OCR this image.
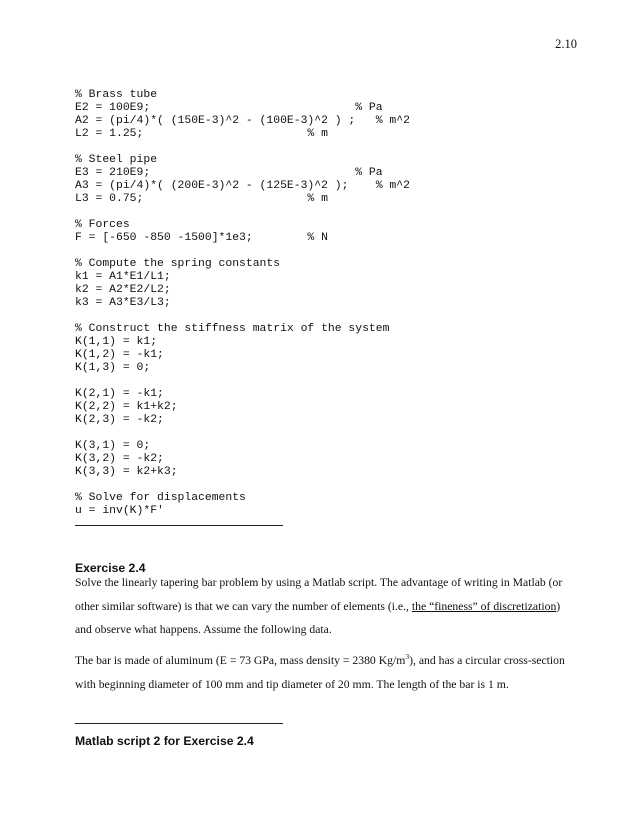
2.10
% Brass tube
E2 = 100E9;                              % Pa
A2 = (pi/4)*( (150E-3)^2 - (100E-3)^2 ) ;   % m^2
L2 = 1.25;                        % m
% Steel pipe
E3 = 210E9;                              % Pa
A3 = (pi/4)*( (200E-3)^2 - (125E-3)^2 );    % m^2
L3 = 0.75;                        % m
% Forces
F = [-650 -850 -1500]*1e3;        % N
% Compute the spring constants
k1 = A1*E1/L1;
k2 = A2*E2/L2;
k3 = A3*E3/L3;
% Construct the stiffness matrix of the system
K(1,1) = k1;
K(1,2) = -k1;
K(1,3) = 0;
K(2,1) = -k1;
K(2,2) = k1+k2;
K(2,3) = -k2;
K(3,1) = 0;
K(3,2) = -k2;
K(3,3) = k2+k3;
% Solve for displacements
u = inv(K)*F'
Exercise 2.4

Solve the linearly tapering bar problem by using a Matlab script. The advantage of writing in Matlab (or other similar software) is that we can vary the number of elements (i.e., the “fineness” of discretization) and observe what happens. Assume the following data.

The bar is made of aluminum (E = 73 GPa, mass density = 2380 $Kg/m^3$), and has a circular cross-section with beginning diameter of 100 mm and tip diameter of 20 mm. The length of the bar is 1 m.

Matlab script 2 for Exercise 2.4
